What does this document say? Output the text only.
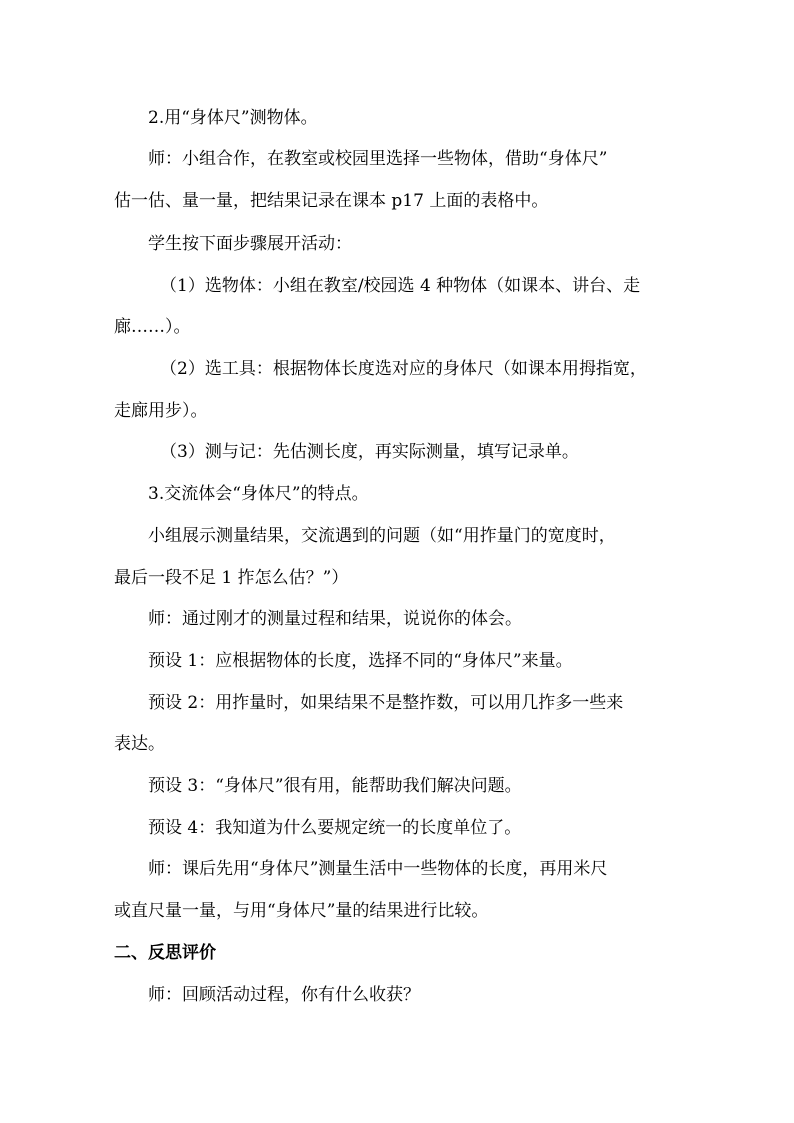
2.用“身体尺”测物体。
师：小组合作，在教室或校园里选择一些物体，借助“身体尺”
估一估、量一量，把结果记录在课本 p17 上面的表格中。
学生按下面步骤展开活动：
（1）选物体：小组在教室/校园选 4 种物体（如课本、讲台、走
廊……）。
（2）选工具：根据物体长度选对应的身体尺（如课本用拇指宽，
走廊用步）。
（3）测与记：先估测长度，再实际测量，填写记录单。
3.交流体会“身体尺”的特点。
小组展示测量结果，交流遇到的问题（如“用拃量门的宽度时，
最后一段不足 1 拃怎么估？”）
师：通过刚才的测量过程和结果，说说你的体会。
预设 1：应根据物体的长度，选择不同的“身体尺”来量。
预设 2：用拃量时，如果结果不是整拃数，可以用几拃多一些来
表达。
预设 3：“身体尺”很有用，能帮助我们解决问题。
预设 4：我知道为什么要规定统一的长度单位了。
师：课后先用“身体尺”测量生活中一些物体的长度，再用米尺
或直尺量一量，与用“身体尺”量的结果进行比较。
二、反思评价
师：回顾活动过程，你有什么收获？
